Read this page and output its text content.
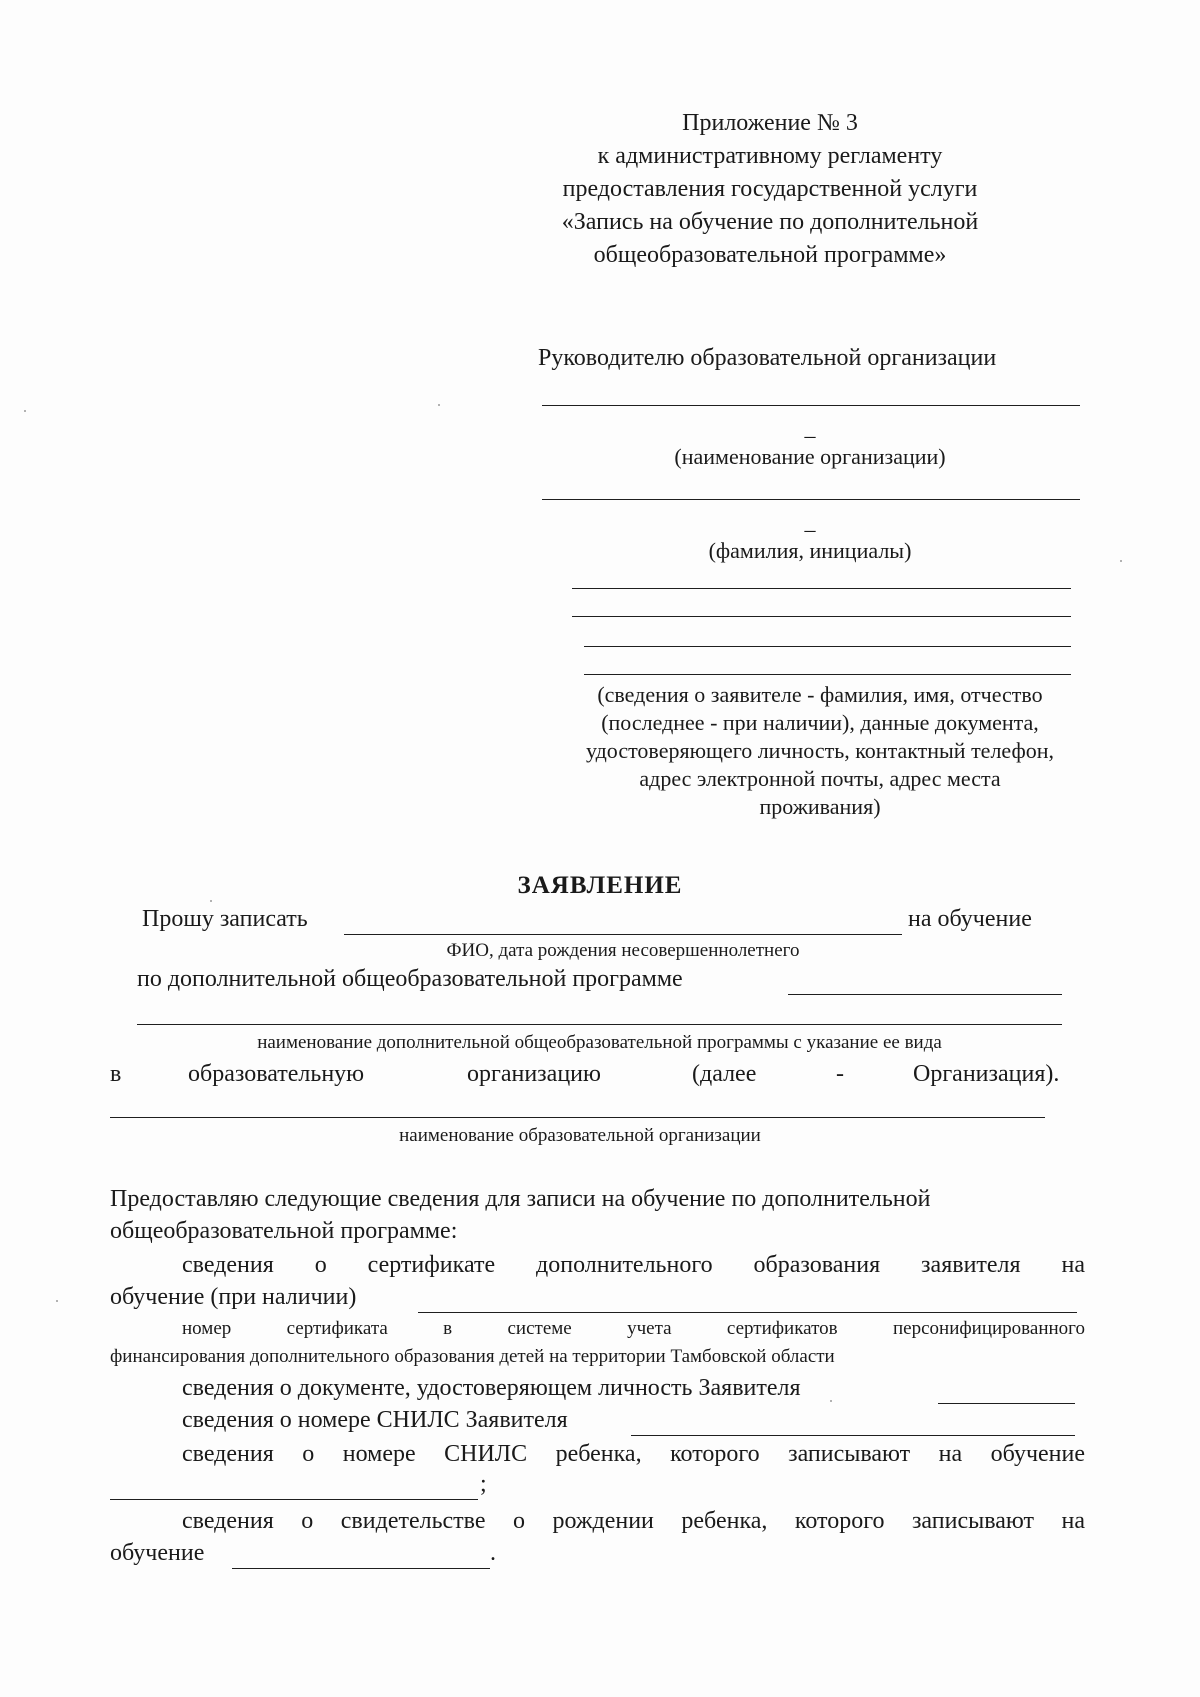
Приложение № 3
к административному регламенту
предоставления государственной услуги
«Запись на обучение по дополнительной
общеобразовательной программе»
Руководителю образовательной организации
_
(наименование организации)
_
(фамилия, инициалы)
(сведения о заявителе - фамилия, имя, отчество
(последнее - при наличии), данные документа,
удостоверяющего личность, контактный телефон,
адрес электронной почты, адрес места
проживания)
ЗАЯВЛЕНИЕ
Прошу записать	на обучение
ФИО, дата рождения несовершеннолетнего
по дополнительной общеобразовательной программе
наименование дополнительной общеобразовательной программы с указание ее вида
в	образовательную	организацию	(далее	-	Организация).
наименование образовательной организации
Предоставляю следующие сведения для записи на обучение по дополнительной
общеобразовательной программе:
сведения о сертификате дополнительного образования заявителя на
обучение (при наличии)
номер сертификата в системе учета сертификатов персонифицированного
финансирования дополнительного образования детей на территории Тамбовской области
сведения о документе, удостоверяющем личность Заявителя
сведения о номере СНИЛС Заявителя
сведения о номере СНИЛС ребенка, которого записывают на обучение
;
сведения о свидетельстве о рождении ребенка, которого записывают на
обучение	.
